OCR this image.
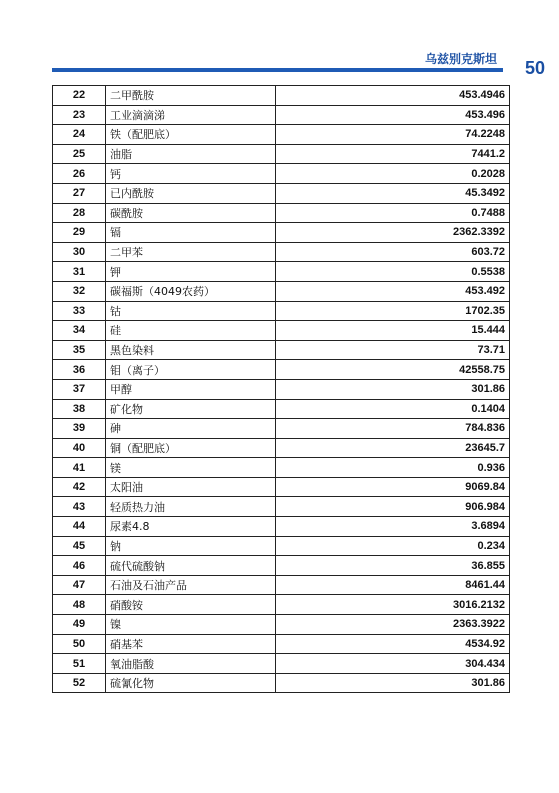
乌兹别克斯坦 50
22	二甲酰胺	453.4946
23	工业滴滴涕	453.496
24	铁（配肥底）	74.2248
25	油脂	7441.2
26	钙	0.2028
27	已内酰胺	45.3492
28	碳酰胺	0.7488
29	镉	2362.3392
30	二甲苯	603.72
31	钾	0.5538
32	碳福斯（4049农药）	453.492
33	钴	1702.35
34	硅	15.444
35	黑色染料	73.71
36	钼（离子）	42558.75
37	甲醇	301.86
38	矿化物	0.1404
39	砷	784.836
40	铜（配肥底）	23645.7
41	镁	0.936
42	太阳油	9069.84
43	轻质热力油	906.984
44	尿素4.8	3.6894
45	钠	0.234
46	硫代硫酸钠	36.855
47	石油及石油产品	8461.44
48	硝酸铵	3016.2132
49	镍	2363.3922
50	硝基苯	4534.92
51	氧油脂酸	304.434
52	硫氰化物	301.86
